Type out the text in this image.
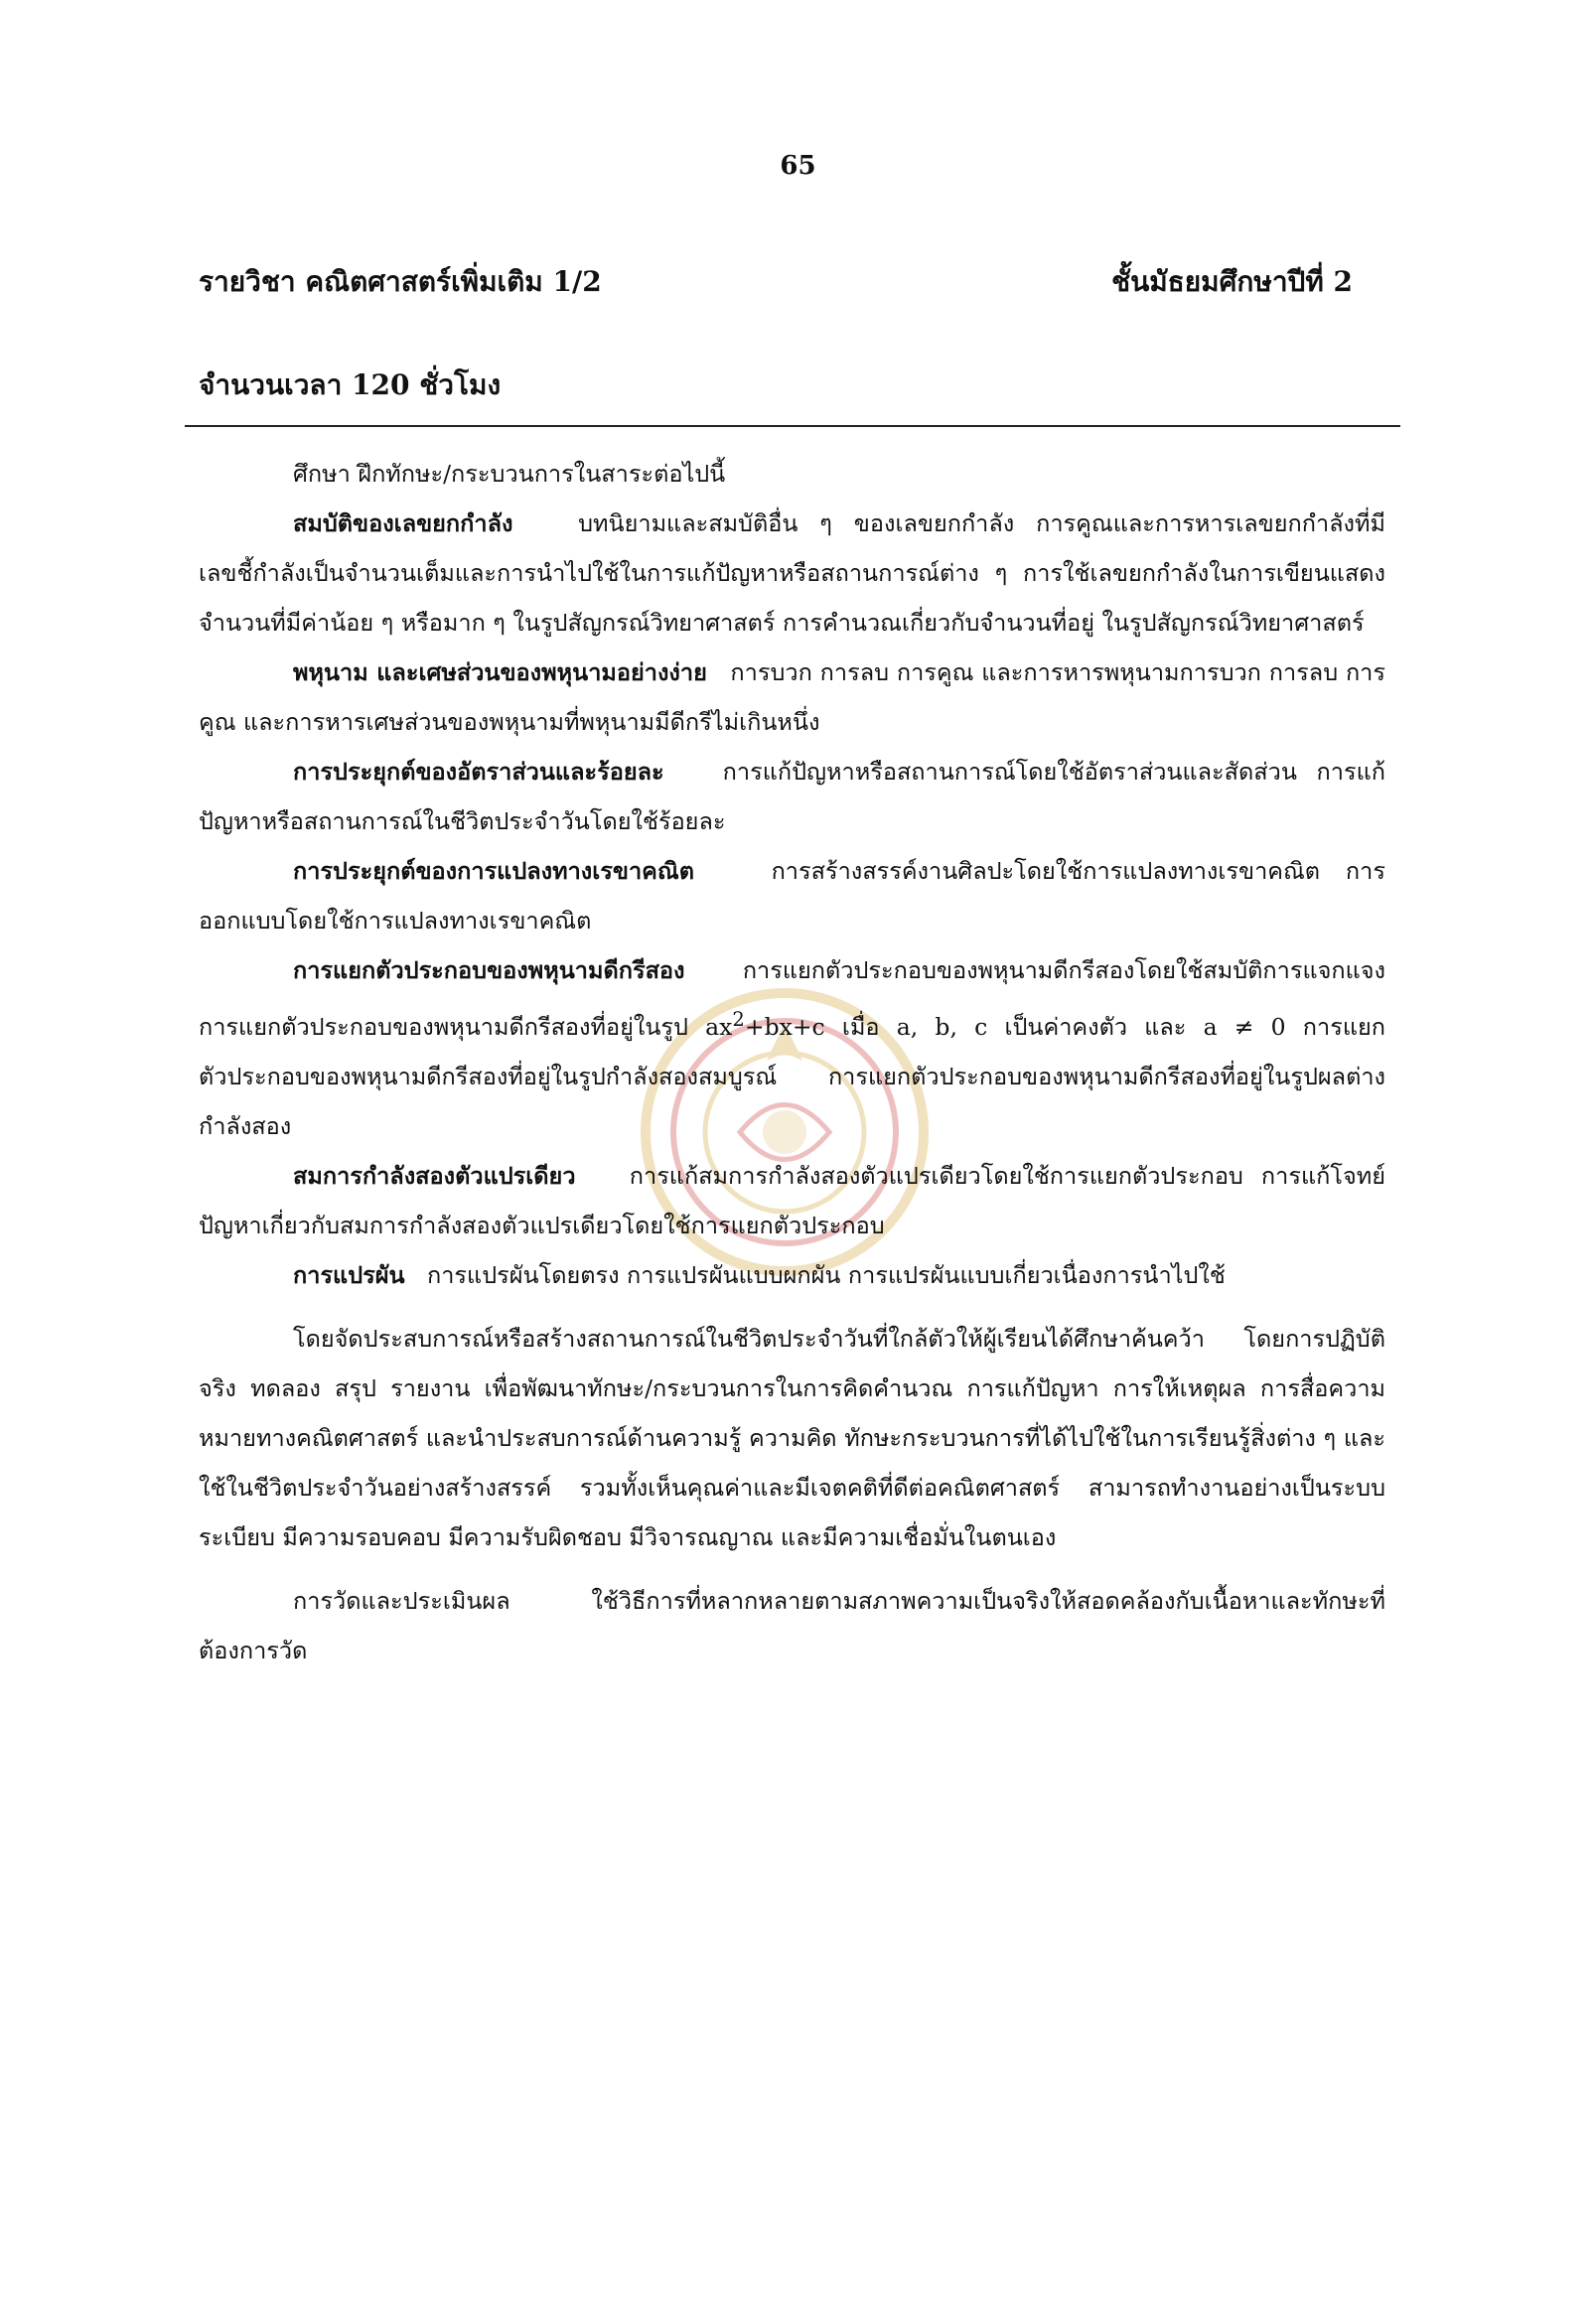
65
รายวิชา คณิตศาสตร์เพิ่มเติม 1/2	ชั้นมัธยมศึกษาปีที่ 2
จำนวนเวลา 120 ชั่วโมง

ศึกษา ฝึกทักษะ/กระบวนการในสาระต่อไปนี้

สมบัติของเลขยกกำลัง	บทนิยามและสมบัติอื่น ๆ ของเลขยกกำลัง การคูณและการหารเลขยกกำลังที่มีเลขชี้กำลังเป็นจำนวนเต็มและการนำไปใช้ในการแก้ปัญหาหรือสถานการณ์ต่าง ๆ การใช้เลขยกกำลังในการเขียนแสดงจำนวนที่มีค่าน้อย ๆ หรือมาก ๆ ในรูปสัญกรณ์วิทยาศาสตร์ การคำนวณเกี่ยวกับจำนวนที่อยู่ ในรูปสัญกรณ์วิทยาศาสตร์

พหุนาม และเศษส่วนของพหุนามอย่างง่าย การบวก การลบ การคูณ และการหารพหุนามการบวก การลบ การคูณ และการหารเศษส่วนของพหุนามที่พหุนามมีดีกรีไม่เกินหนึ่ง

การประยุกต์ของอัตราส่วนและร้อยละ	การแก้ปัญหาหรือสถานการณ์โดยใช้อัตราส่วนและสัดส่วน การแก้ปัญหาหรือสถานการณ์ในชีวิตประจำวันโดยใช้ร้อยละ

การประยุกต์ของการแปลงทางเรขาคณิต	การสร้างสรรค์งานศิลปะโดยใช้การแปลงทางเรขาคณิต การออกแบบโดยใช้การแปลงทางเรขาคณิต

การแยกตัวประกอบของพหุนามดีกรีสอง การแยกตัวประกอบของพหุนามดีกรีสองโดยใช้สมบัติการแจกแจง การแยกตัวประกอบของพหุนามดีกรีสองที่อยู่ในรูป $ax^2+bx+c$ เมื่อ a, b, c เป็นค่าคงตัว และ a ≠ 0 การแยกตัวประกอบของพหุนามดีกรีสองที่อยู่ในรูปกำลังสองสมบูรณ์ การแยกตัวประกอบของพหุนามดีกรีสองที่อยู่ในรูปผลต่างกำลังสอง

สมการกำลังสองตัวแปรเดียว การแก้สมการกำลังสองตัวแปรเดียวโดยใช้การแยกตัวประกอบ การแก้โจทย์ปัญหาเกี่ยวกับสมการกำลังสองตัวแปรเดียวโดยใช้การแยกตัวประกอบ

การแปรผัน การแปรผันโดยตรง การแปรผันแบบผกผัน การแปรผันแบบเกี่ยวเนื่องการนำไปใช้

โดยจัดประสบการณ์หรือสร้างสถานการณ์ในชีวิตประจำวันที่ใกล้ตัวให้ผู้เรียนได้ศึกษาค้นคว้า โดยการปฏิบัติจริง ทดลอง สรุป รายงาน เพื่อพัฒนาทักษะ/กระบวนการในการคิดคำนวณ การแก้ปัญหา การให้เหตุผล การสื่อความหมายทางคณิตศาสตร์ และนำประสบการณ์ด้านความรู้ ความคิด ทักษะกระบวนการที่ได้ไปใช้ในการเรียนรู้สิ่งต่าง ๆ และใช้ในชีวิตประจำวันอย่างสร้างสรรค์ รวมทั้งเห็นคุณค่าและมีเจตคติที่ดีต่อคณิตศาสตร์ สามารถทำงานอย่างเป็นระบบระเบียบ มีความรอบคอบ มีความรับผิดชอบ มีวิจารณญาณ และมีความเชื่อมั่นในตนเอง

การวัดและประเมินผล ใช้วิธีการที่หลากหลายตามสภาพความเป็นจริงให้สอดคล้องกับเนื้อหาและทักษะที่ต้องการวัด
